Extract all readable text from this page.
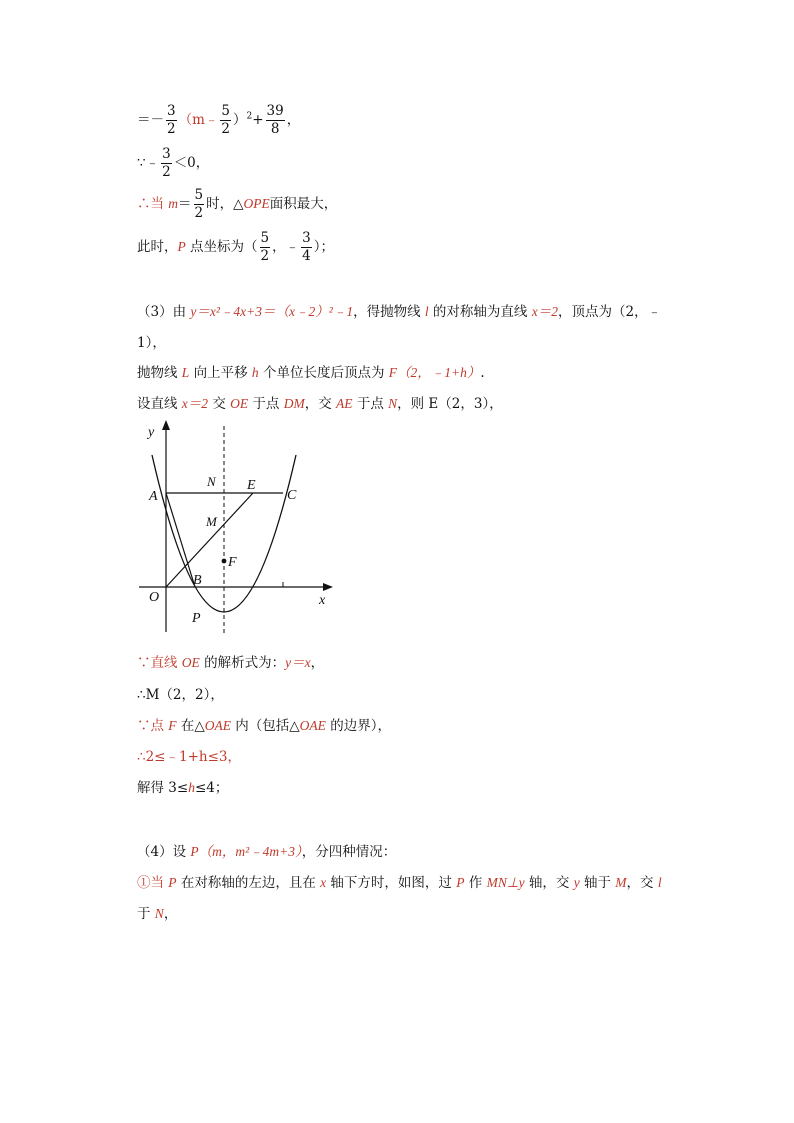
＝－ $\frac{3}{2}$ （m﹣ $\frac{5}{2} )^2+ \frac{39}{8}$ ，
∵﹣ $\frac{3}{2} <0$，
∴当 $m= \frac{5}{2}$ 时，△OPE面积最大，
此时，P 点坐标为（ $\frac{5}{2}$ ，﹣ $\frac{3}{4}$ ）；
（3）由 y＝x²﹣4x+3＝（x﹣2）²﹣1，得抛物线 l 的对称轴为直线 x＝2，顶点为（2，﹣
1），
抛物线 L 向上平移 h 个单位长度后顶点为 F（2，﹣1+h）.
设直线 x＝2 交 OE 于点 DM，交 AE 于点 N，则 E（2，3），
y
x
O
A
N E
C
M
F
B
P
∵直线 OE 的解析式为：y＝x，
∴M（2，2），
∵点 F 在△OAE 内（包括△OAE 的边界），
∴2≤﹣1+h≤3，
解得 3≤h≤4；
（4）设 P（m，m²﹣4m+3），分四种情况：
①当 P 在对称轴的左边，且在 x 轴下方时，如图，过 P 作 MN⊥y 轴，交 y 轴于 M，交 l
于 N，
